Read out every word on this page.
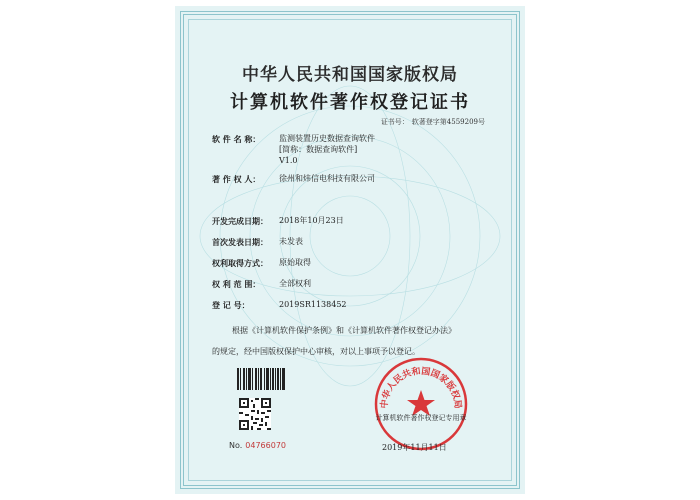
中华人民共和国国家版权局
计算机软件著作权登记证书
证书号： 软著登字第4559209号
软 件 名 称：	监测装置历史数据查询软件
[简称：数据查询软件]
V1.0
著 作 权 人：	徐州和炜信电科技有限公司
开发完成日期：	2018年10月23日
首次发表日期：	未发表
权利取得方式：	原始取得
权 利 范 围：	全部权利
登 记 号：	2019SR1138452
根据《计算机软件保护条例》和《计算机软件著作权登记办法》
的规定，经中国版权保护中心审核，对以上事项予以登记。
No. 04766070
中华人民共和国国家版权局
计算机软件著作权登记专用章
2019年11月11日
